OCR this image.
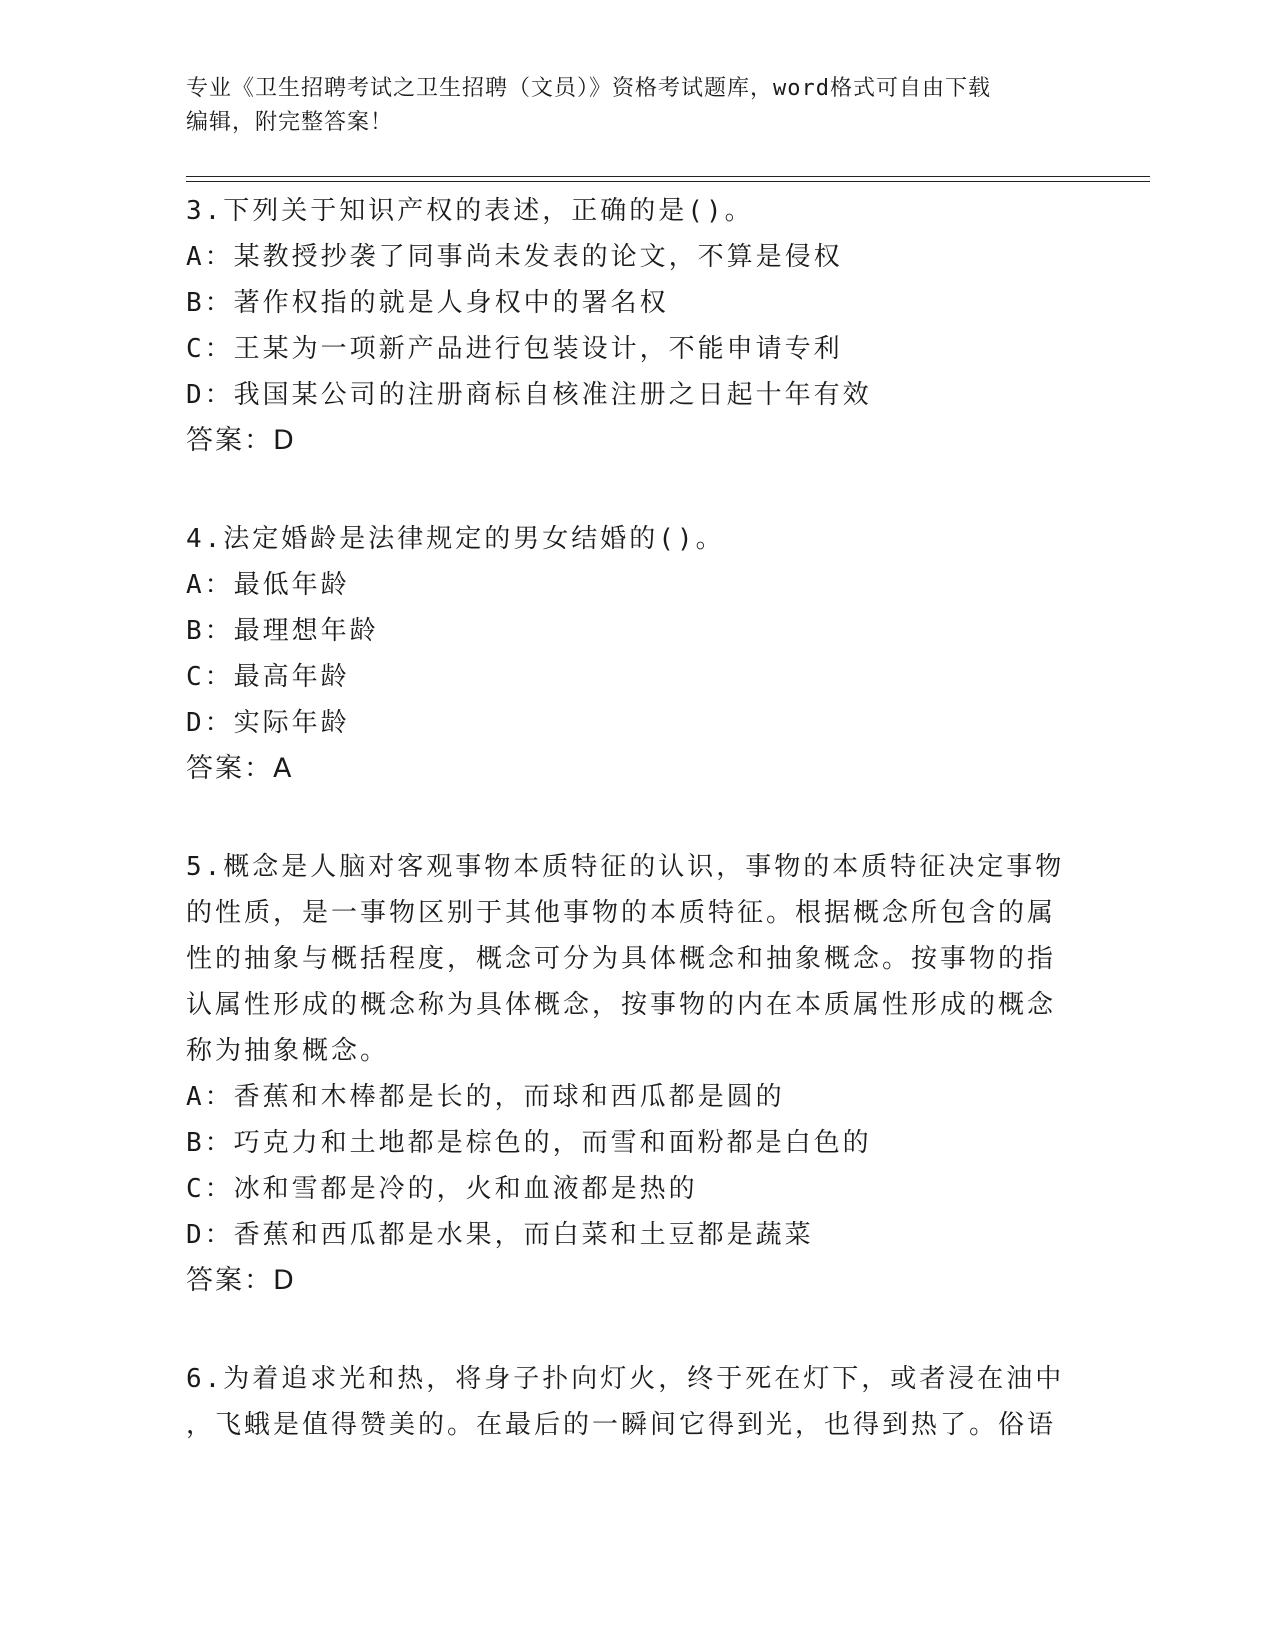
专业《卫生招聘考试之卫生招聘（文员）》资格考试题库，word格式可自由下载
编辑，附完整答案！

3.下列关于知识产权的表述，正确的是()。

A：某教授抄袭了同事尚未发表的论文，不算是侵权

B：著作权指的就是人身权中的署名权

C：王某为一项新产品进行包装设计，不能申请专利

D：我国某公司的注册商标自核准注册之日起十年有效

答案：D

4.法定婚龄是法律规定的男女结婚的()。

A：最低年龄

B：最理想年龄

C：最高年龄

D：实际年龄

答案：A

5.概念是人脑对客观事物本质特征的认识，事物的本质特征决定事物

的性质，是一事物区别于其他事物的本质特征。根据概念所包含的属

性的抽象与概括程度，概念可分为具体概念和抽象概念。按事物的指

认属性形成的概念称为具体概念，按事物的内在本质属性形成的概念

称为抽象概念。

A：香蕉和木棒都是长的，而球和西瓜都是圆的

B：巧克力和土地都是棕色的，而雪和面粉都是白色的

C：冰和雪都是冷的，火和血液都是热的

D：香蕉和西瓜都是水果，而白菜和土豆都是蔬菜

答案：D

6.为着追求光和热，将身子扑向灯火，终于死在灯下，或者浸在油中

，飞蛾是值得赞美的。在最后的一瞬间它得到光，也得到热了。俗语
